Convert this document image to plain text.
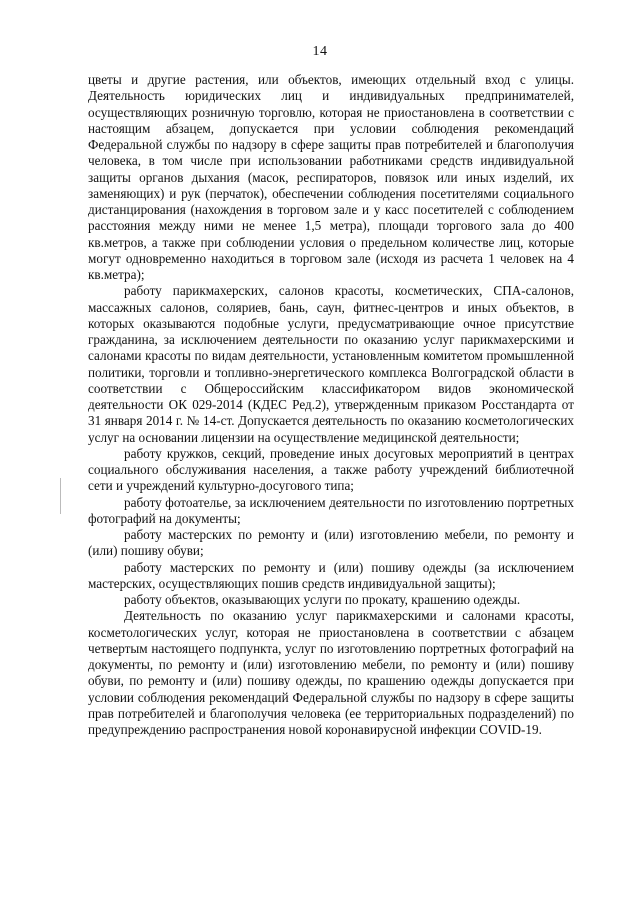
14

цветы и другие растения, или объектов, имеющих отдельный вход с улицы. Деятельность юридических лиц и индивидуальных предпринимателей, осуществляющих розничную торговлю, которая не приостановлена в соответствии с настоящим абзацем, допускается при условии соблюдения рекомендаций Федеральной службы по надзору в сфере защиты прав потребителей и благополучия человека, в том числе при использовании работниками средств индивидуальной защиты органов дыхания (масок, респираторов, повязок или иных изделий, их заменяющих) и рук (перчаток), обеспечении соблюдения посетителями социального дистанцирования (нахождения в торговом зале и у касс посетителей с соблюдением расстояния между ними не менее 1,5 метра), площади торгового зала до 400 кв.метров, а также при соблюдении условия о предельном количестве лиц, которые могут одновременно находиться в торговом зале (исходя из расчета 1 человек на 4 кв.метра);

работу парикмахерских, салонов красоты, косметических, СПА-салонов, массажных салонов, соляриев, бань, саун, фитнес-центров и иных объектов, в которых оказываются подобные услуги, предусматривающие очное присутствие гражданина, за исключением деятельности по оказанию услуг парикмахерскими и салонами красоты по видам деятельности, установленным комитетом промышленной политики, торговли и топливно-энергетического комплекса Волгоградской области в соответствии с Общероссийским классификатором видов экономической деятельности ОК 029-2014 (КДЕС Ред.2), утвержденным приказом Росстандарта от 31 января 2014 г. № 14-ст. Допускается деятельность по оказанию косметологических услуг на основании лицензии на осуществление медицинской деятельности;

работу кружков, секций, проведение иных досуговых мероприятий в центрах социального обслуживания населения, а также работу учреждений библиотечной сети и учреждений культурно-досугового типа;

работу фотоателье, за исключением деятельности по изготовлению портретных фотографий на документы;

работу мастерских по ремонту и (или) изготовлению мебели, по ремонту и (или) пошиву обуви;

работу мастерских по ремонту и (или) пошиву одежды (за исключением мастерских, осуществляющих пошив средств индивидуальной защиты);

работу объектов, оказывающих услуги по прокату, крашению одежды.

Деятельность по оказанию услуг парикмахерскими и салонами красоты, косметологических услуг, которая не приостановлена в соответствии с абзацем четвертым настоящего подпункта, услуг по изготовлению портретных фотографий на документы, по ремонту и (или) изготовлению мебели, по ремонту и (или) пошиву обуви, по ремонту и (или) пошиву одежды, по крашению одежды допускается при условии соблюдения рекомендаций Федеральной службы по надзору в сфере защиты прав потребителей и благополучия человека (ее территориальных подразделений) по предупреждению распространения новой коронавирусной инфекции COVID-19.
